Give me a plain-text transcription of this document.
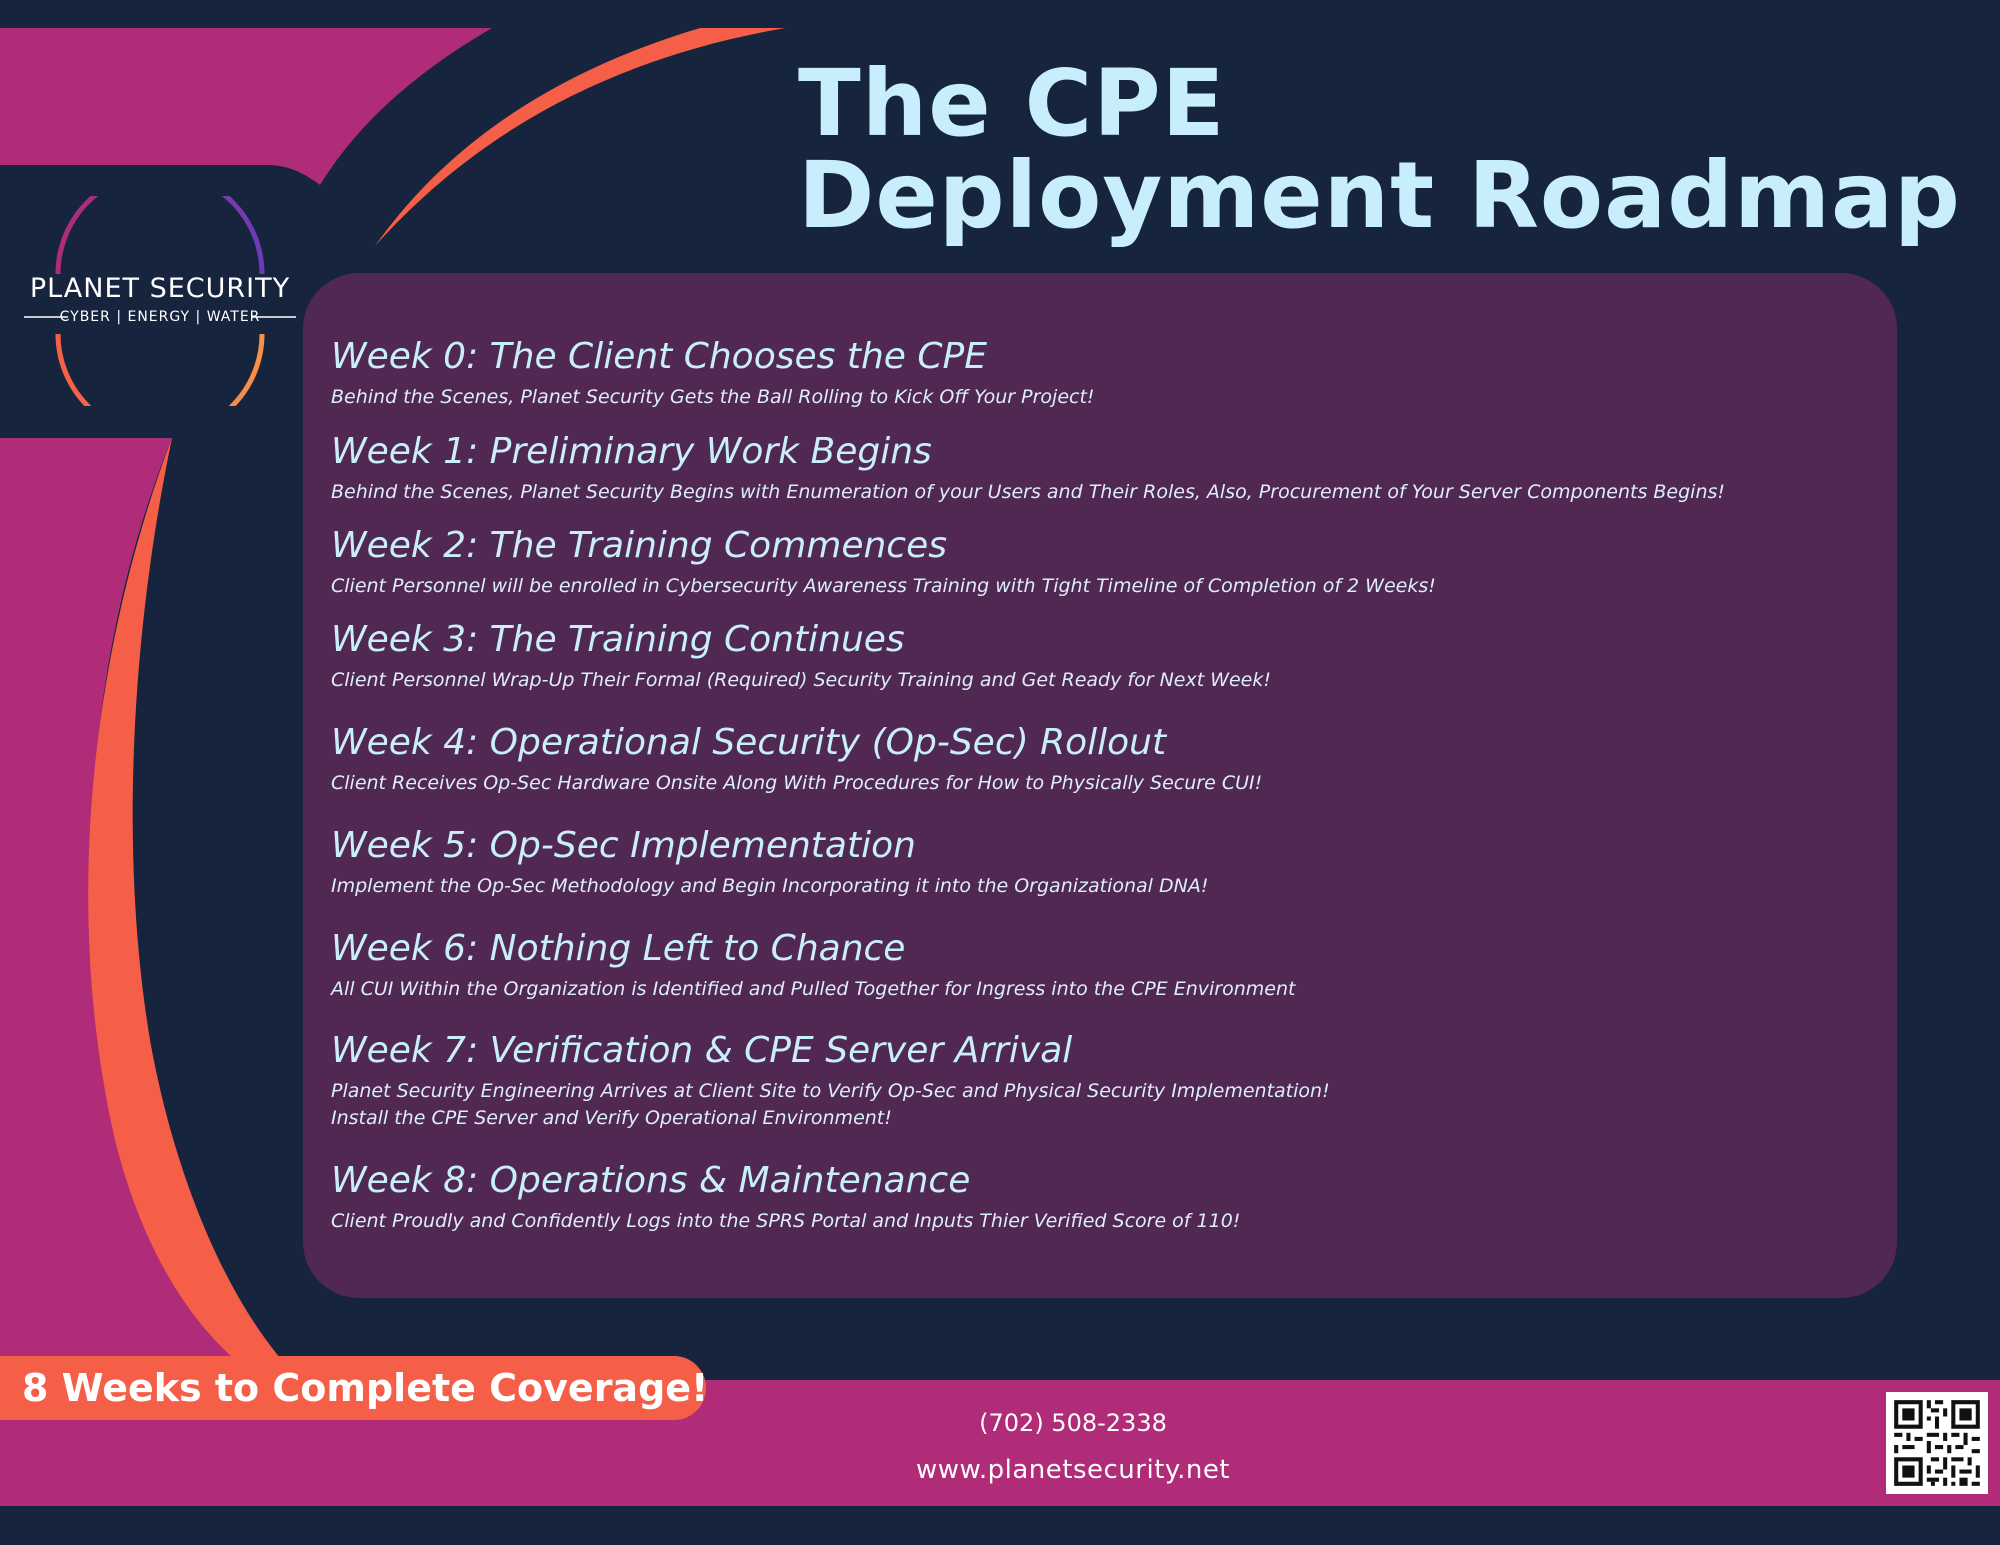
The CPE
Deployment Roadmap
PLANET SECURITY
CYBER | ENERGY | WATER
Week 0: The Client Chooses the CPE
Behind the Scenes, Planet Security Gets the Ball Rolling to Kick Off Your Project!
Week 1: Preliminary Work Begins
Behind the Scenes, Planet Security Begins with Enumeration of your Users and Their Roles, Also, Procurement of Your Server Components Begins!
Week 2: The Training Commences
Client Personnel will be enrolled in Cybersecurity Awareness Training with Tight Timeline of Completion of 2 Weeks!
Week 3: The Training Continues
Client Personnel Wrap-Up Their Formal (Required) Security Training and Get Ready for Next Week!
Week 4: Operational Security (Op-Sec) Rollout
Client Receives Op-Sec Hardware Onsite Along With Procedures for How to Physically Secure CUI!
Week 5: Op-Sec Implementation
Implement the Op-Sec Methodology and Begin Incorporating it into the Organizational DNA!
Week 6: Nothing Left to Chance
All CUI Within the Organization is Identified and Pulled Together for Ingress into the CPE Environment
Week 7: Verification & CPE Server Arrival
Planet Security Engineering Arrives at Client Site to Verify Op-Sec and Physical Security Implementation!
Install the CPE Server and Verify Operational Environment!
Week 8: Operations & Maintenance
Client Proudly and Confidently Logs into the SPRS Portal and Inputs Thier Verified Score of 110!
8 Weeks to Complete Coverage!
(702) 508-2338
www.planetsecurity.net
